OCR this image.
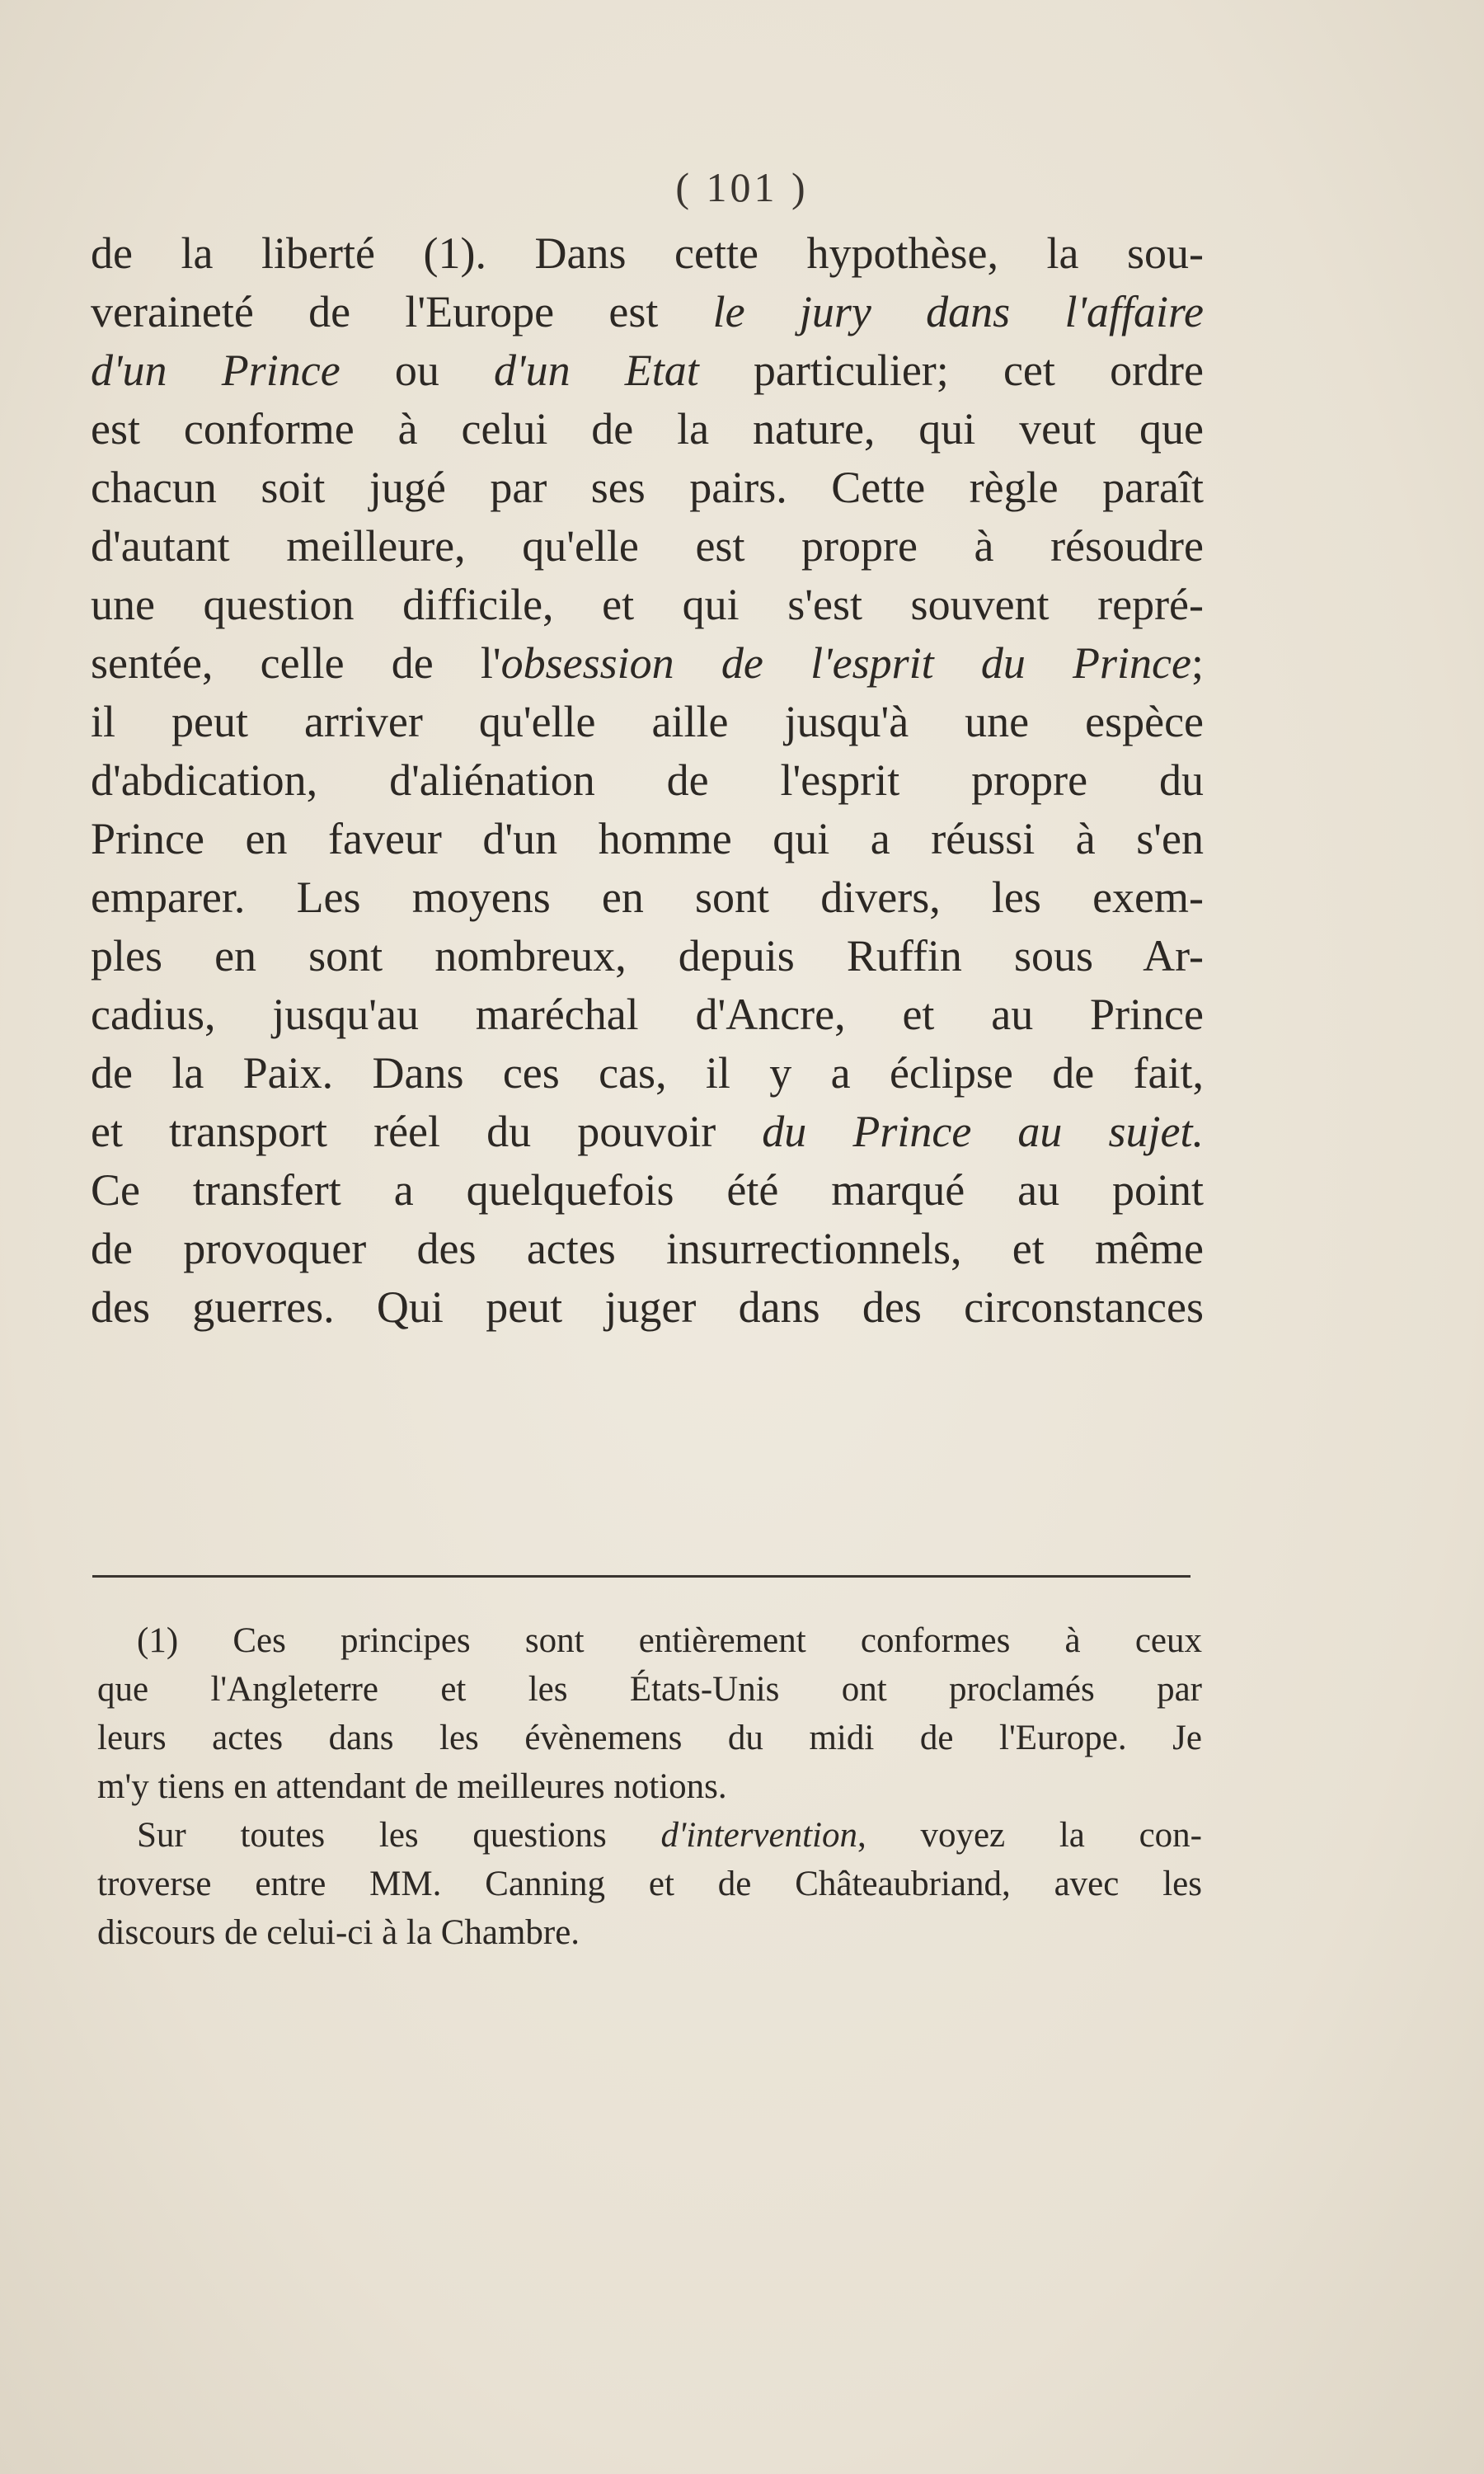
( 101 )
de la liberté (1). Dans cette hypothèse, la sou-
veraineté de l'Europe est le jury dans l'affaire
d'un Prince ou d'un Etat particulier; cet ordre
est conforme à celui de la nature, qui veut que
chacun soit jugé par ses pairs. Cette règle paraît
d'autant meilleure, qu'elle est propre à résoudre
une question difficile, et qui s'est souvent repré-
sentée, celle de l'obsession de l'esprit du Prince;
il peut arriver qu'elle aille jusqu'à une espèce
d'abdication, d'aliénation de l'esprit propre du
Prince en faveur d'un homme qui a réussi à s'en
emparer. Les moyens en sont divers, les exem-
ples en sont nombreux, depuis Ruffin sous Ar-
cadius, jusqu'au maréchal d'Ancre, et au Prince
de la Paix. Dans ces cas, il y a éclipse de fait,
et transport réel du pouvoir du Prince au sujet.
Ce transfert a quelquefois été marqué au point
de provoquer des actes insurrectionnels, et même
des guerres. Qui peut juger dans des circonstances
(1) Ces principes sont entièrement conformes à ceux
que l'Angleterre et les États-Unis ont proclamés par
leurs actes dans les évènemens du midi de l'Europe. Je
m'y tiens en attendant de meilleures notions.
Sur toutes les questions d'intervention, voyez la con-
troverse entre MM. Canning et de Châteaubriand, avec les
discours de celui-ci à la Chambre.
